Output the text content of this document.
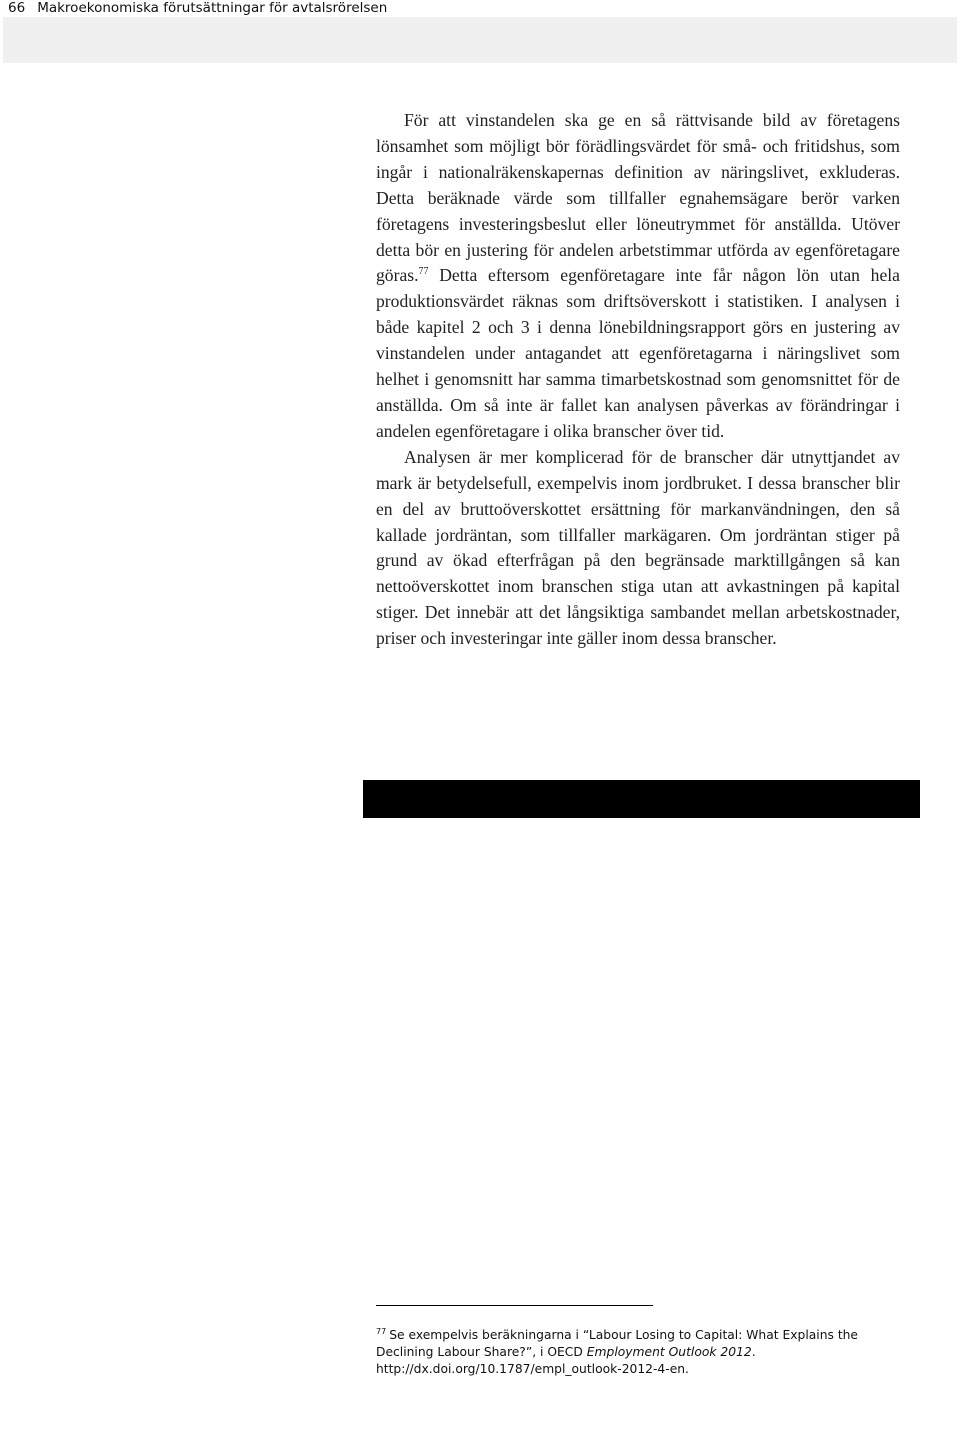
66 Makroekonomiska förutsättningar för avtalsrörelsen

För att vinstandelen ska ge en så rättvisande bild av företagens lönsamhet som möjligt bör förädlingsvärdet för små- och fritidshus, som ingår i nationalräkenskapernas definition av näringslivet, exkluderas. Detta beräknade värde som tillfaller egnahemsägare berör varken företagens investeringsbeslut eller löneutrymmet för anställda. Utöver detta bör en justering för andelen arbetstimmar utförda av egenföretagare göras.$^{77}$ Detta eftersom egenföretagare inte får någon lön utan hela produktionsvärdet räknas som driftsöverskott i statistiken. I analysen i både kapitel 2 och 3 i denna lönebildningsrapport görs en justering av vinstandelen under antagandet att egenföretagarna i näringslivet som helhet i genomsnitt har samma timarbetskostnad som genomsnittet för de anställda. Om så inte är fallet kan analysen påverkas av förändringar i andelen egenföretagare i olika branscher över tid.

Analysen är mer komplicerad för de branscher där utnyttjandet av mark är betydelsefull, exempelvis inom jordbruket. I dessa branscher blir en del av bruttoöverskottet ersättning för markanvändningen, den så kallade jordräntan, som tillfaller markägaren. Om jordräntan stiger på grund av ökad efterfrågan på den begränsade marktillgången så kan nettoöverskottet inom branschen stiga utan att avkastningen på kapital stiger. Det innebär att det långsiktiga sambandet mellan arbetskostnader, priser och investeringar inte gäller inom dessa branscher.

$^{77}$ Se exempelvis beräkningarna i “Labour Losing to Capital: What Explains the Declining Labour Share?”, i OECD Employment Outlook 2012.
http://dx.doi.org/10.1787/empl_outlook-2012-4-en.
